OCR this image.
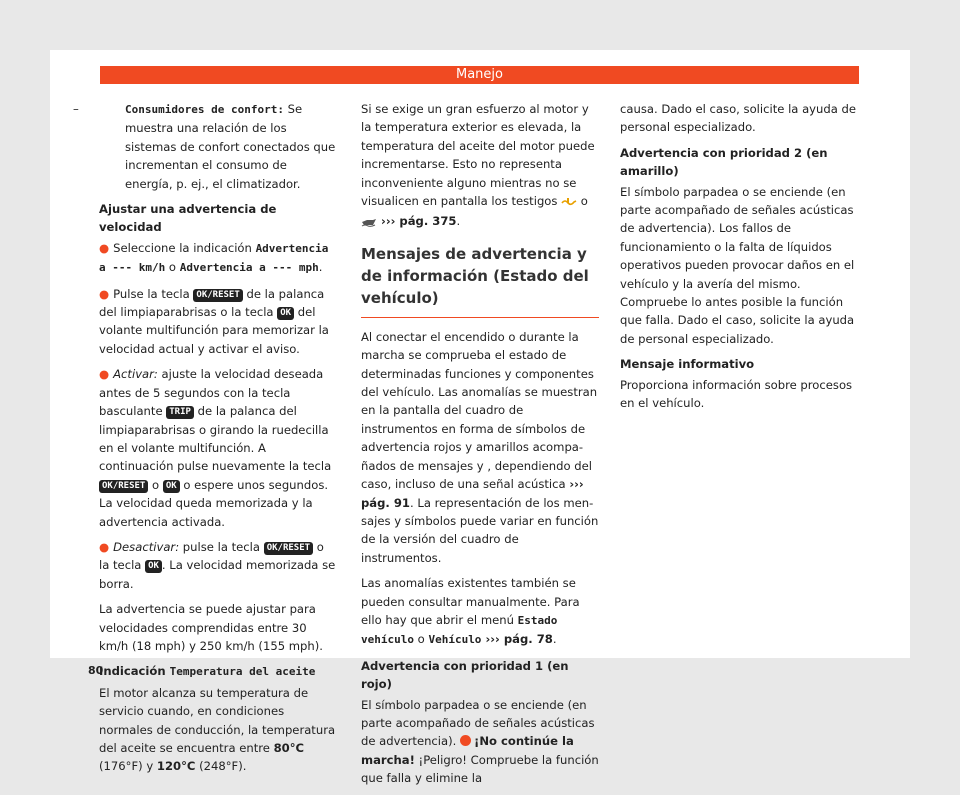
Manejo

–	Consumidores de confort: Se muestra una relación de los sistemas de confort conectados que incrementan el consumo de energía, p. ej., el climatizador.

Ajustar una advertencia de velocidad

● Seleccione la indicación Advertencia a --- km/h o Advertencia a --- mph.

● Pulse la tecla OK/RESET de la palanca del limpiaparabrisas o la tecla OK del volante multifunción para memorizar la velocidad actual y activar el aviso.

● Activar: ajuste la velocidad deseada antes de 5 segundos con la tecla basculante TRIP de la palanca del limpiaparabrisas o girando la ruedecilla en el volante multifunción. A continuación pulse nuevamente la tecla OK/RESET o OK o espere unos segundos. La velocidad queda memorizada y la advertencia activada.

● Desactivar: pulse la tecla OK/RESET o la tecla OK . La velocidad memorizada se borra.

La advertencia se puede ajustar para velocidades comprendidas entre 30 km/h (18 mph) y 250 km/h (155 mph).

Indicación Temperatura del aceite

El motor alcanza su temperatura de servicio cuando, en condiciones normales de conducción, la temperatura del aceite se encuentra entre 80°C (176°F) y 120°C (248°F).

Si se exige un gran esfuerzo al motor y la temperatura exterior es elevada, la temperatura del aceite del motor puede incrementarse. Esto no representa inconveniente alguno mientras no se visualicen en pantalla los testigos  o  ››› pág. 375.

Mensajes de advertencia y de información (Estado del vehículo)

Al conectar el encendido o durante la marcha se comprueba el estado de determinadas funciones y componentes del vehículo. Las anomalías se muestran en la pantalla del cuadro de instrumentos en forma de símbolos de advertencia rojos y amarillos acompañados de mensajes y , dependiendo del caso, incluso de una señal acústica ››› pág. 91. La representación de los mensajes y símbolos puede variar en función de la versión del cuadro de instrumentos.

Las anomalías existentes también se pueden consultar manualmente. Para ello hay que abrir el menú Estado vehículo o Vehículo ››› pág. 78.

Advertencia con prioridad 1 (en rojo)

El símbolo parpadea o se enciende (en parte acompañado de señales acústicas de advertencia). ¡No continúe la marcha! ¡Peligro! Compruebe la función que falla y elimine la

causa. Dado el caso, solicite la ayuda de personal especializado.

Advertencia con prioridad 2 (en amarillo)

El símbolo parpadea o se enciende (en parte acompañado de señales acústicas de advertencia). Los fallos de funcionamiento o la falta de líquidos operativos pueden provocar daños en el vehículo y la avería del mismo. Compruebe lo antes posible la función que falla. Dado el caso, solicite la ayuda de personal especializado.

Mensaje informativo

Proporciona información sobre procesos en el vehículo.

80
